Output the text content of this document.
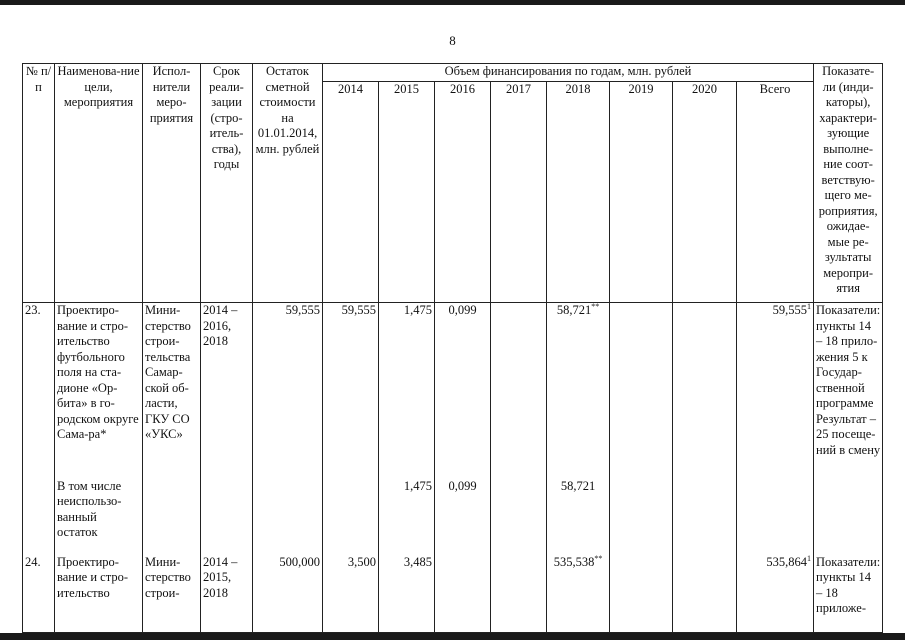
8
№ п/п	Наименова-ние цели, мероприятия	Испол-нители меро-приятия	Срок реали-зации (стро-итель-ства), годы	Остаток сметной стоимости на 01.01.2014, млн. рублей	Объем финансирования по годам, млн. рублей								Показате-ли (инди-каторы), характери-зующие выполне-ние соот-ветствую-щего ме-роприятия, ожидае-мые ре-зультаты меропри-ятия
					2014	2015	2016	2017	2018	2019	2020	Всего	
23.	Проектиро-вание и стро-ительство футбольного поля на ста-дионе «Ор-бита» в го-родском округе Сама-ра*	Мини-стерство строи-тельства Самар-ской об-ласти, ГКУ СО «УКС»	2014 – 2016, 2018	59,555	59,555	1,475	0,099		58,721**			59,555$^1$	Показатели: пункты 14 – 18 прило-жения 5 к Государ-ственной программе Результат – 25 посеще-ний в смену
	В том числе неиспользо-ванный остаток					1,475	0,099		58,721				
24.	Проектиро-вание и стро-ительство	Мини-стерство строи-	2014 – 2015, 2018	500,000	3,500	3,485			535,538**			535,864$^1$	Показатели: пункты 14 – 18 приложе-
